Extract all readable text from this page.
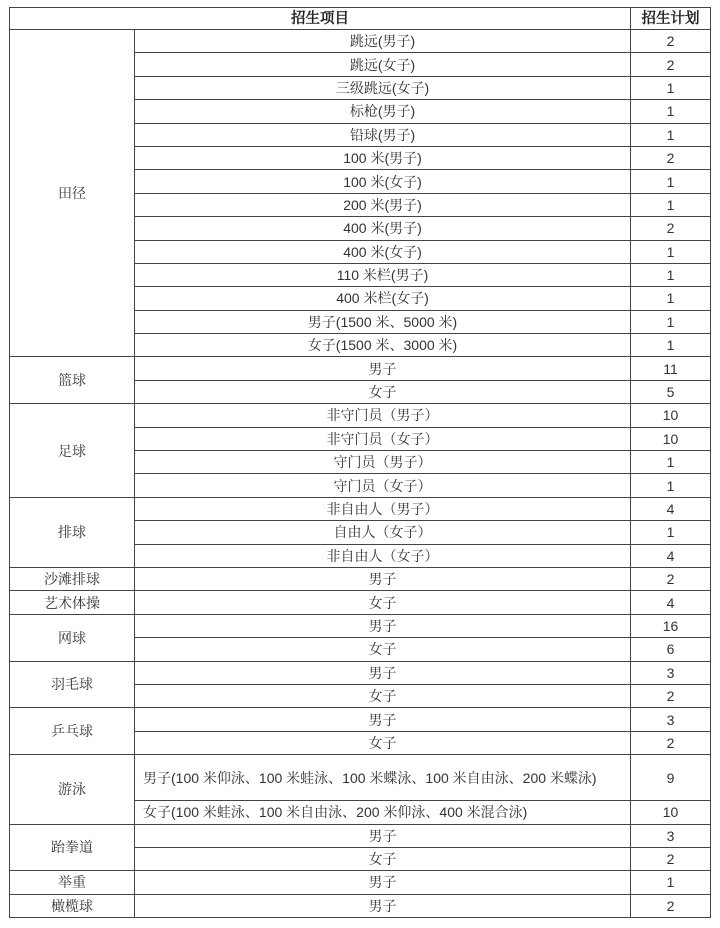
招生项目		招生计划
田径	跳远(男子)	2
	跳远(女子)	2
	三级跳远(女子)	1
	标枪(男子)	1
	铅球(男子)	1
	100 米(男子)	2
	100 米(女子)	1
	200 米(男子)	1
	400 米(男子)	2
	400 米(女子)	1
	110 米栏(男子)	1
	400 米栏(女子)	1
	男子(1500 米、5000 米)	1
	女子(1500 米、3000 米)	1
篮球	男子	11
	女子	5
足球	非守门员（男子）	10
	非守门员（女子）	10
	守门员（男子）	1
	守门员（女子）	1
排球	非自由人（男子）	4
	自由人（女子）	1
	非自由人（女子）	4
沙滩排球	男子	2
艺术体操	女子	4
网球	男子	16
	女子	6
羽毛球	男子	3
	女子	2
乒乓球	男子	3
	女子	2
游泳	男子(100 米仰泳、100 米蛙泳、100 米蝶泳、100 米自由泳、200 米蝶泳)	9
	女子(100 米蛙泳、100 米自由泳、200 米仰泳、400 米混合泳)	10
跆拳道	男子	3
	女子	2
举重	男子	1
橄榄球	男子	2
